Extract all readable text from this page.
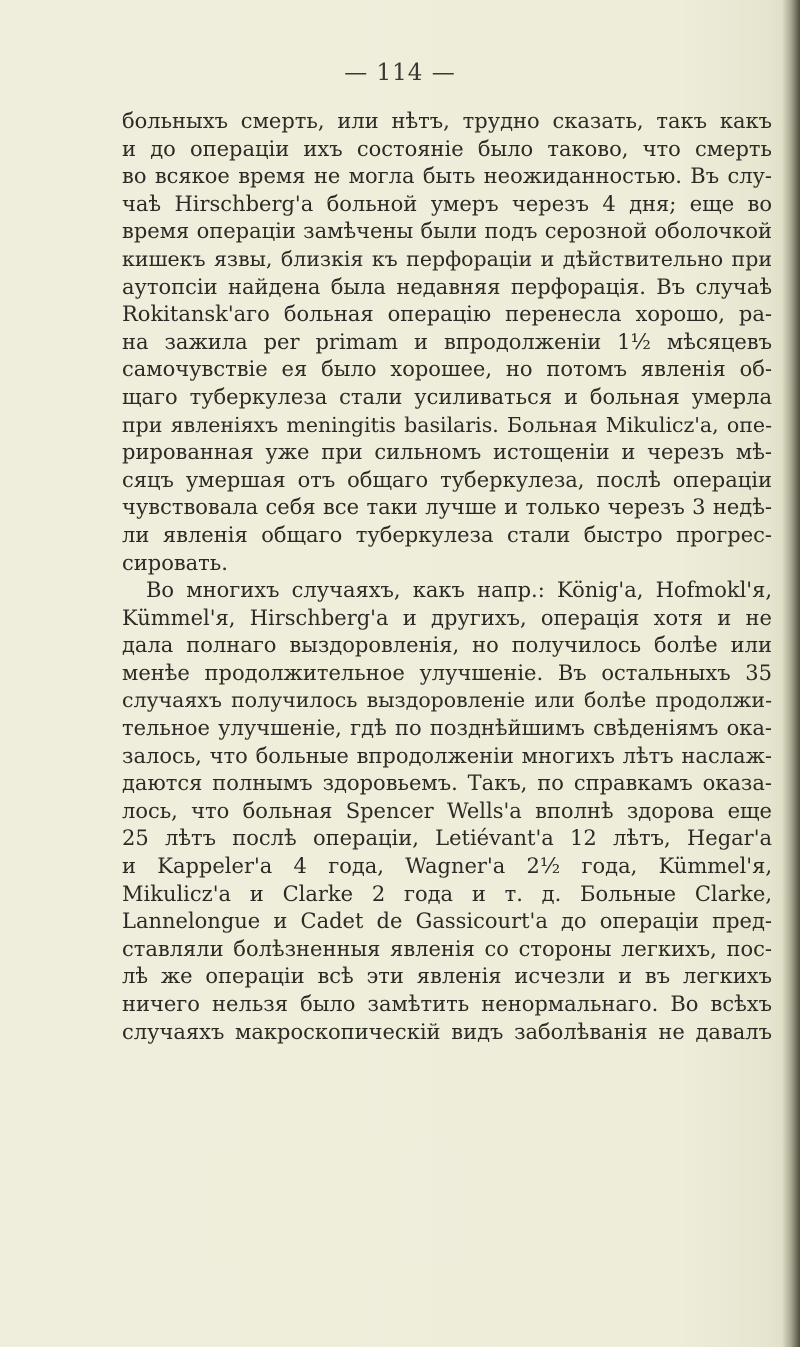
— 114 —
больныхъ смерть, или нѣтъ, трудно сказать, такъ какъ
и до операціи ихъ состояніе было таково, что смерть
во всякое время не могла быть неожиданностью. Въ слу-
чаѣ Hirschberg'а больной умеръ черезъ 4 дня; еще во
время операціи замѣчены были подъ серозной оболочкой
кишекъ язвы, близкія къ перфораціи и дѣйствительно при
аутопсіи найдена была недавняя перфорація. Въ случаѣ
Rokitansk'аго больная операцію перенесла хорошо, ра-
на зажила per primam и впродолженіи 1½ мѣсяцевъ
самочувствіе ея было хорошее, но потомъ явленія об-
щаго туберкулеза стали усиливаться и больная умерла
при явленіяхъ meningitis basilaris. Больная Mikulicz'а, опе-
рированная уже при сильномъ истощеніи и черезъ мѣ-
сяцъ умершая отъ общаго туберкулеза, послѣ операціи
чувствовала себя все таки лучше и только черезъ 3 недѣ-
ли явленія общаго туберкулеза стали быстро прогрес-
сировать.
Во многихъ случаяхъ, какъ напр.: König'а, Hofmokl'я,
Kümmel'я, Hirschberg'а и другихъ, операція хотя и не
дала полнаго выздоровленія, но получилось болѣе или
менѣе продолжительное улучшеніе. Въ остальныхъ 35
случаяхъ получилось выздоровленіе или болѣе продолжи-
тельное улучшеніе, гдѣ по позднѣйшимъ свѣденіямъ ока-
залось, что больные впродолженіи многихъ лѣтъ наслаж-
даются полнымъ здоровьемъ. Такъ, по справкамъ оказа-
лось, что больная Spencer Wells'а вполнѣ здорова еще
25 лѣтъ послѣ операціи, Letiévant'а 12 лѣтъ, Hegar'а
и Kappeler'а 4 года, Wagner'а 2½ года, Kümmel'я,
Mikulicz'а и Clarke 2 года и т. д. Больные Clarke,
Lannelongue и Cadet de Gassicourt'а до операціи пред-
ставляли болѣзненныя явленія со стороны легкихъ, пос-
лѣ же операціи всѣ эти явленія исчезли и въ легкихъ
ничего нельзя было замѣтить ненормальнаго. Во всѣхъ
случаяхъ макроскопическій видъ заболѣванія не давалъ
